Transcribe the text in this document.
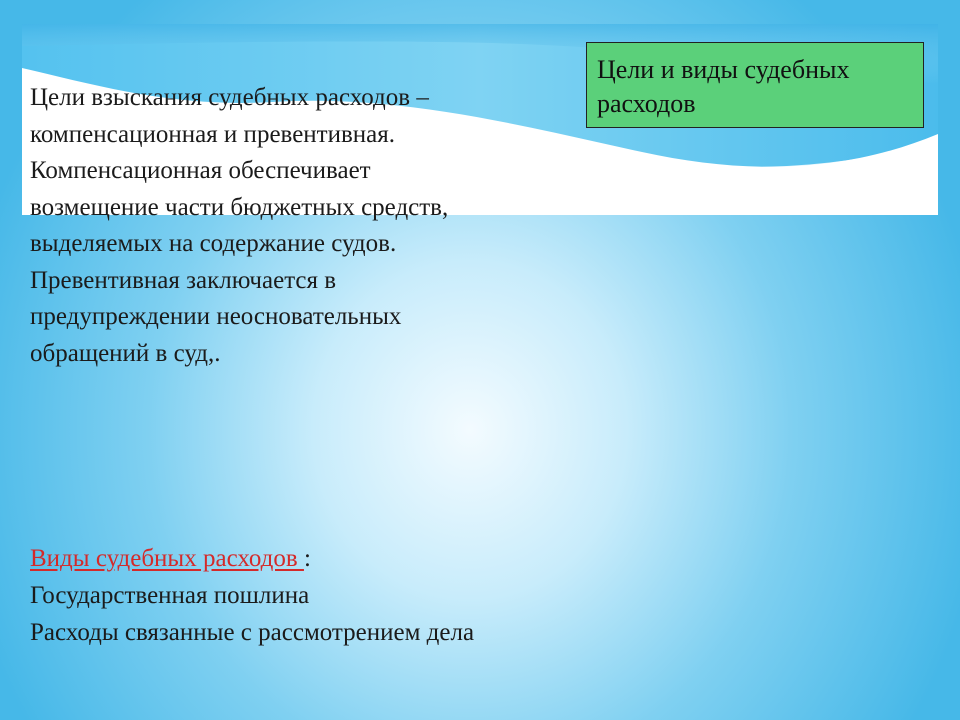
Цели и виды судебных
расходов
Цели взыскания судебных расходов –
компенсационная и превентивная.
Компенсационная обеспечивает
возмещение части бюджетных средств,
выделяемых на содержание судов.
Превентивная заключается в
предупреждении неосновательных
обращений в суд,.
Виды судебных расходов :
Государственная пошлина
Расходы связанные с рассмотрением дела
